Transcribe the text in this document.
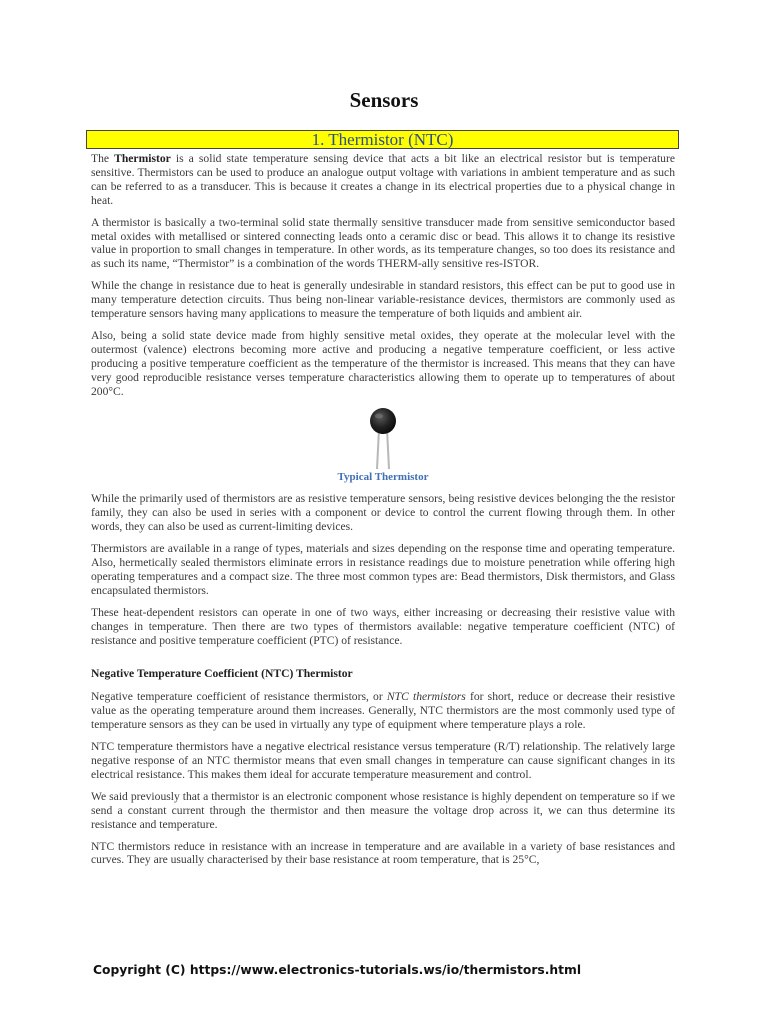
Sensors
1. Thermistor (NTC)

The Thermistor is a solid state temperature sensing device that acts a bit like an electrical resistor but is temperature sensitive. Thermistors can be used to produce an analogue output voltage with variations in ambient temperature and as such can be referred to as a transducer. This is because it creates a change in its electrical properties due to a physical change in heat.

A thermistor is basically a two-terminal solid state thermally sensitive transducer made from sensitive semiconductor based metal oxides with metallised or sintered connecting leads onto a ceramic disc or bead. This allows it to change its resistive value in proportion to small changes in temperature. In other words, as its temperature changes, so too does its resistance and as such its name, “Thermistor” is a combination of the words THERM-ally sensitive res-ISTOR.

While the change in resistance due to heat is generally undesirable in standard resistors, this effect can be put to good use in many temperature detection circuits. Thus being non-linear variable-resistance devices, thermistors are commonly used as temperature sensors having many applications to measure the temperature of both liquids and ambient air.

Also, being a solid state device made from highly sensitive metal oxides, they operate at the molecular level with the outermost (valence) electrons becoming more active and producing a negative temperature coefficient, or less active producing a positive temperature coefficient as the temperature of the thermistor is increased. This means that they can have very good reproducible resistance verses temperature characteristics allowing them to operate up to temperatures of about 200°C.

Typical Thermistor

While the primarily used of thermistors are as resistive temperature sensors, being resistive devices belonging the the resistor family, they can also be used in series with a component or device to control the current flowing through them. In other words, they can also be used as current-limiting devices.

Thermistors are available in a range of types, materials and sizes depending on the response time and operating temperature. Also, hermetically sealed thermistors eliminate errors in resistance readings due to moisture penetration while offering high operating temperatures and a compact size. The three most common types are: Bead thermistors, Disk thermistors, and Glass encapsulated thermistors.

These heat-dependent resistors can operate in one of two ways, either increasing or decreasing their resistive value with changes in temperature. Then there are two types of thermistors available: negative temperature coefficient (NTC) of resistance and positive temperature coefficient (PTC) of resistance.

Negative Temperature Coefficient (NTC) Thermistor

Negative temperature coefficient of resistance thermistors, or NTC thermistors for short, reduce or decrease their resistive value as the operating temperature around them increases. Generally, NTC thermistors are the most commonly used type of temperature sensors as they can be used in virtually any type of equipment where temperature plays a role.

NTC temperature thermistors have a negative electrical resistance versus temperature (R/T) relationship. The relatively large negative response of an NTC thermistor means that even small changes in temperature can cause significant changes in its electrical resistance. This makes them ideal for accurate temperature measurement and control.

We said previously that a thermistor is an electronic component whose resistance is highly dependent on temperature so if we send a constant current through the thermistor and then measure the voltage drop across it, we can thus determine its resistance and temperature.

NTC thermistors reduce in resistance with an increase in temperature and are available in a variety of base resistances and curves. They are usually characterised by their base resistance at room temperature, that is 25°C,

Copyright (C) https://www.electronics-tutorials.ws/io/thermistors.html
